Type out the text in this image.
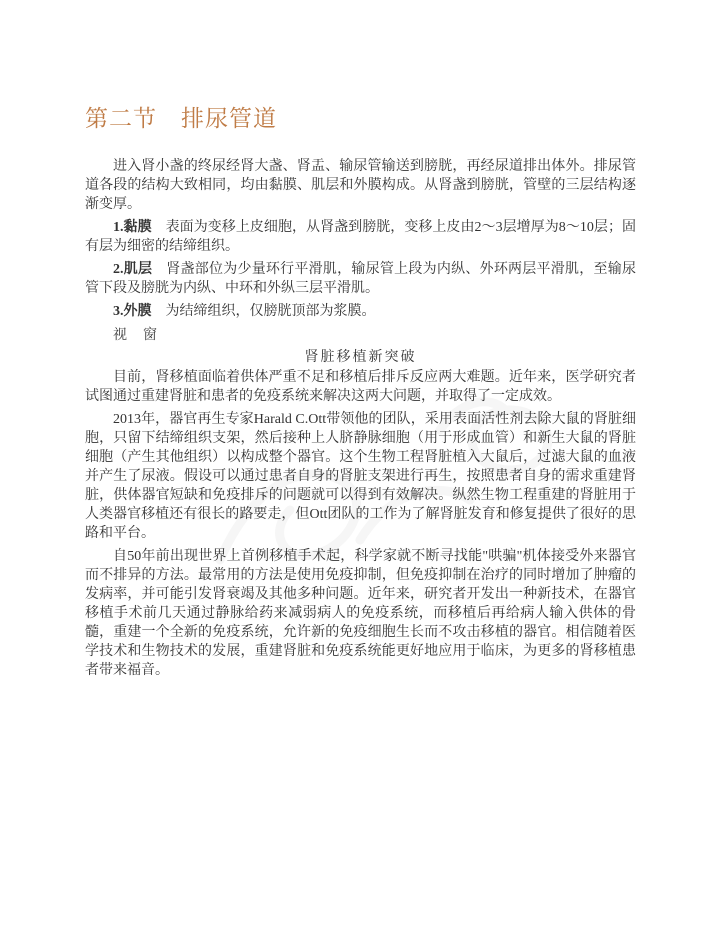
第二节　排尿管道

进入肾小盏的终尿经肾大盏、肾盂、输尿管输送到膀胱，再经尿道排出体外。排尿管道各段的结构大致相同，均由黏膜、肌层和外膜构成。从肾盏到膀胱，管壁的三层结构逐渐变厚。

1.黏膜 表面为变移上皮细胞，从肾盏到膀胱，变移上皮由2～3层增厚为8～10层；固有层为细密的结缔组织。
2.肌层 肾盏部位为少量环行平滑肌，输尿管上段为内纵、外环两层平滑肌，至输尿管下段及膀胱为内纵、中环和外纵三层平滑肌。
3.外膜 为结缔组织，仅膀胱顶部为浆膜。
视　窗
肾脏移植新突破

目前，肾移植面临着供体严重不足和移植后排斥反应两大难题。近年来，医学研究者试图通过重建肾脏和患者的免疫系统来解决这两大问题，并取得了一定成效。

2013年，器官再生专家Harald C.Ott带领他的团队，采用表面活性剂去除大鼠的肾脏细胞，只留下结缔组织支架，然后接种上人脐静脉细胞（用于形成血管）和新生大鼠的肾脏细胞（产生其他组织）以构成整个器官。这个生物工程肾脏植入大鼠后，过滤大鼠的血液并产生了尿液。假设可以通过患者自身的肾脏支架进行再生，按照患者自身的需求重建肾脏，供体器官短缺和免疫排斥的问题就可以得到有效解决。纵然生物工程重建的肾脏用于人类器官移植还有很长的路要走，但Ott团队的工作为了解肾脏发育和修复提供了很好的思路和平台。

自50年前出现世界上首例移植手术起，科学家就不断寻找能"哄骗"机体接受外来器官而不排异的方法。最常用的方法是使用免疫抑制，但免疫抑制在治疗的同时增加了肿瘤的发病率，并可能引发肾衰竭及其他多种问题。近年来，研究者开发出一种新技术，在器官移植手术前几天通过静脉给药来减弱病人的免疫系统，而移植后再给病人输入供体的骨髓，重建一个全新的免疫系统，允许新的免疫细胞生长而不攻击移植的器官。相信随着医学技术和生物技术的发展，重建肾脏和免疫系统能更好地应用于临床，为更多的肾移植患者带来福音。
